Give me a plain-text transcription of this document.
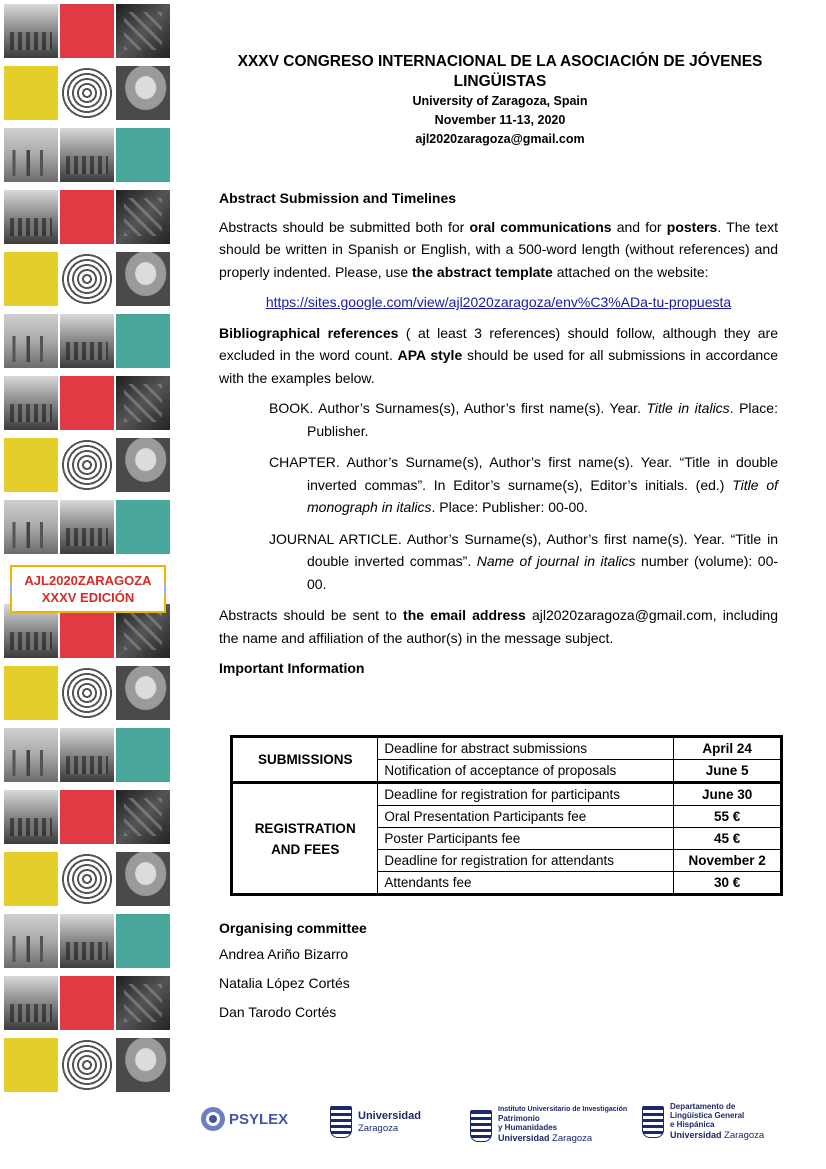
AJL2020ZARAGOZA
XXXV EDICIÓN

XXXV CONGRESO INTERNACIONAL DE LA ASOCIACIÓN DE JÓVENES LINGÜISTAS

University of Zaragoza, Spain
November 11-13, 2020
ajl2020zaragoza@gmail.com

Abstract Submission and Timelines

Abstracts should be submitted both for oral communications and for posters. The text should be written in Spanish or English, with a 500-word length (without references) and properly indented. Please, use the abstract template attached on the website:

https://sites.google.com/view/ajl2020zaragoza/env%C3%ADa-tu-propuesta

Bibliographical references ( at least 3 references) should follow, although they are excluded in the word count. APA style should be used for all submissions in accordance with the examples below.

BOOK. Author’s Surnames(s), Author’s first name(s). Year. Title in italics. Place: Publisher.

CHAPTER. Author’s Surname(s), Author’s first name(s). Year. “Title in double inverted commas”. In Editor’s surname(s), Editor’s initials. (ed.) Title of monograph in italics. Place: Publisher: 00-00.

JOURNAL ARTICLE. Author’s Surname(s), Author’s first name(s). Year. “Title in double inverted commas”. Name of journal in italics number (volume): 00-00.

Abstracts should be sent to the email address ajl2020zaragoza@gmail.com, including the name and affiliation of the author(s) in the message subject.

Important Information

SUBMISSIONS	Deadline for abstract submissions	April 24
	Notification of acceptance of proposals	June 5
REGISTRATION AND FEES	Deadline for registration for participants	June 30
	Oral Presentation Participants fee	55 €
	Poster Participants fee	45 €
	Deadline for registration for attendants	November 2
	Attendants fee	30 €

Organising committee

Andrea Ariño Bizarro

Natalia López Cortés

Dan Tarodo Cortés

PSYLEX	Universidad
Zaragoza
Instituto Universitario de Investigación
Patrimonio
y Humanidades
Universidad Zaragoza
Departamento de
Lingüística General
e Hispánica
Universidad Zaragoza
